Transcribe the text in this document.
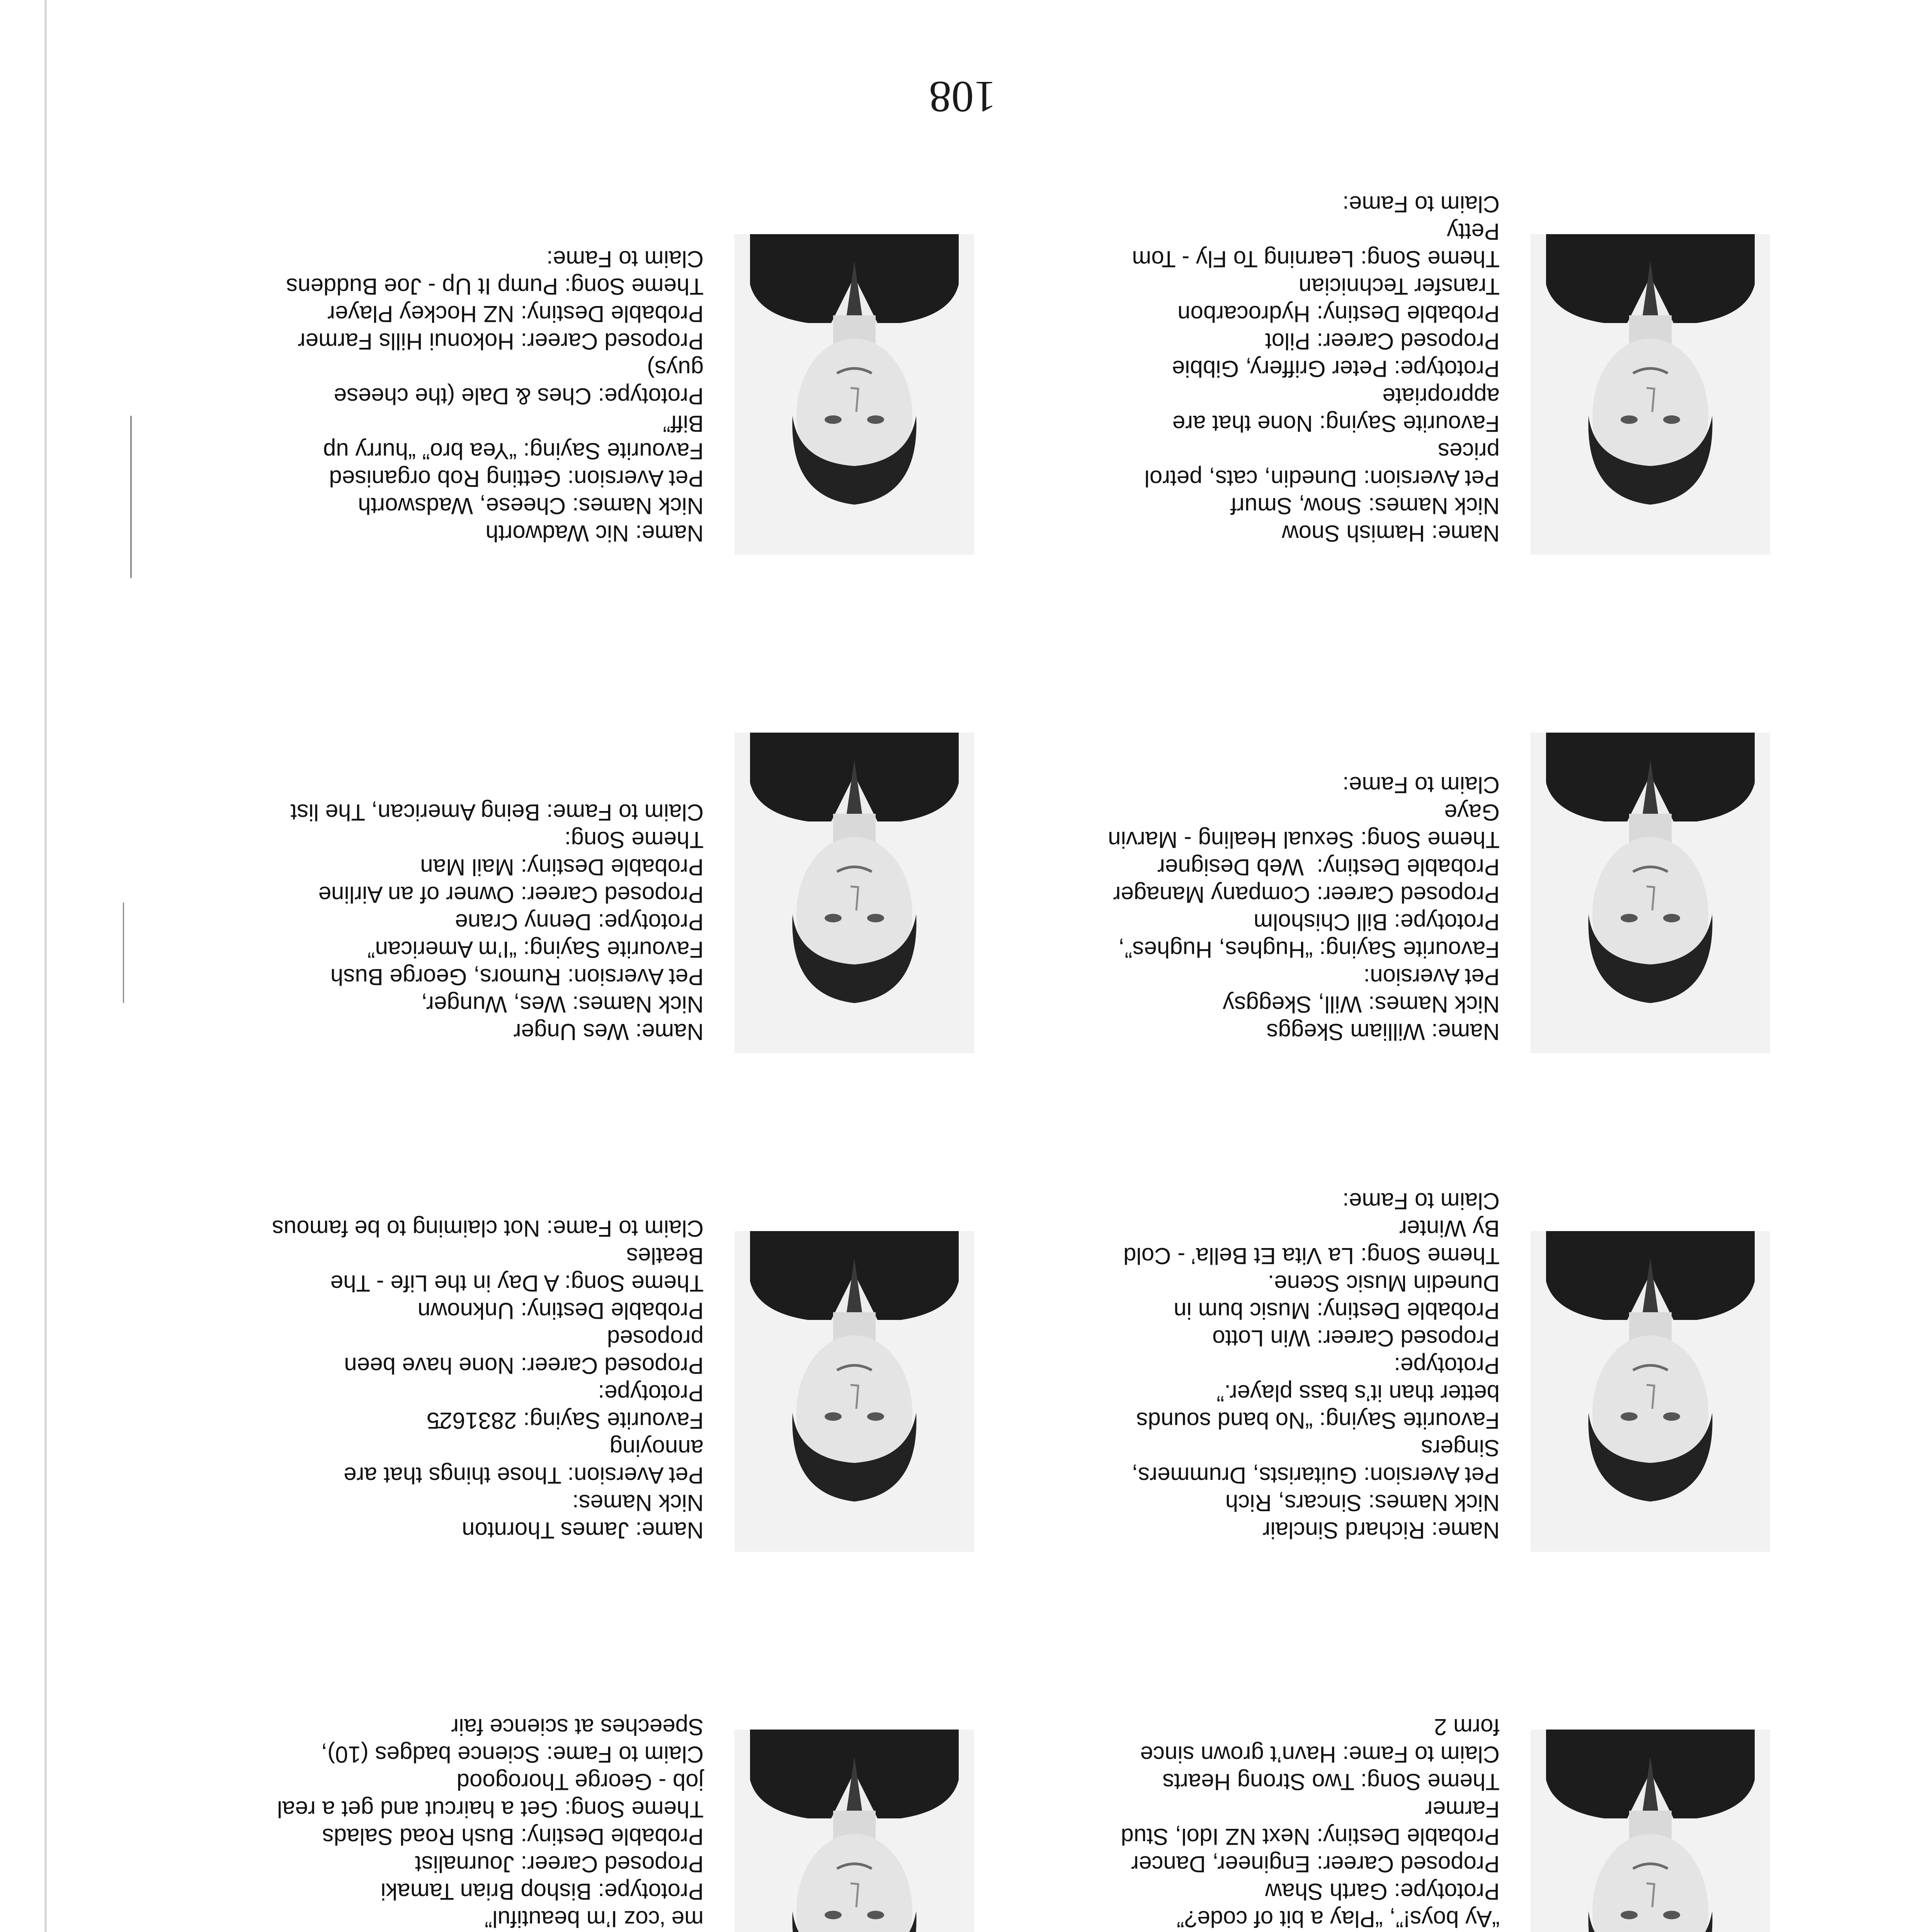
108

“Ay boys!”, “Play a bit of code?”

Prototype: Garth Shaw

Proposed Career: Engineer, Dancer

Probable Destiny: Next NZ Idol, Stud

Farmer

Theme Song: Two Strong Hearts

Claim to Fame: Havn’t grown since

form 2

Name: Richard Sinclair

Nick Names: Sincars, Rich

Pet Aversion: Guitarists, Drummers,

Singers

Favourite Saying: “No band sounds

better than it’s bass player.”

Prototype:

Proposed Career: Win Lotto

Probable Destiny: Music bum in

Dunedin Music Scene.

Theme Song: La Vita Et Bella’ - Cold

By Winter

Claim to Fame:

Name: William Skeggs

Nick Names: Will, Skeggsy

Pet Aversion:

Favourite Saying: “Hughes, Hughes”,

Prototype: Bill Chisholm

Proposed Career: Company Manager

Probable Destiny:  Web Designer

Theme Song: Sexual Healing - Marvin

Gaye

Claim to Fame:

Name: Hamish Snow

Nick Names: Snow, Smurf

Pet Aversion: Dunedin, cats, petrol

prices

Favourite Saying: None that are

appropriate

Prototype: Peter Griffery, Gibbie

Proposed Career: Pilot

Probable Destiny: Hydrocarbon

Transfer Technician

Theme Song: Learning To Fly - Tom

Petty

Claim to Fame:

me ‘coz I’m beautiful”

Prototype: Bishop Brian Tamaki

Proposed Career: Journalist

Probable Destiny: Bush Road Salads

Theme Song: Get a haircut and get a real

job - George Thorogood

Claim to Fame: Science badges (10),

Speeches at science fair

Name: James Thornton

Nick Names:

Pet Aversion: Those things that are

annoying

Favourite Saying: 283162̄5

Prototype:

Proposed Career: None have been

proposed

Probable Destiny: Unknown

Theme Song: A Day in the Life - The

Beatles

Claim to Fame: Not claiming to be famous

Name: Wes Unger

Nick Names: Wes, Wunger,

Pet Aversion: Rumors, George Bush

Favourite Saying: “I’m American”

Prototype: Denny Crane

Proposed Career: Owner of an Airline

Probable Destiny: Mail Man

Theme Song:

Claim to Fame: Being American, The list

Name: Nic Wadworth

Nick Names: Cheese, Wadsworth

Pet Aversion: Getting Rob organised

Favourite Saying: “Yea bro” “hurry up

Biff”

Prototype: Ches & Dale (the cheese

guys)

Proposed Career: Hokonui Hills Farmer

Probable Destiny: NZ Hockey Player

Theme Song: Pump It Up - Joe Buddens

Claim to Fame:
